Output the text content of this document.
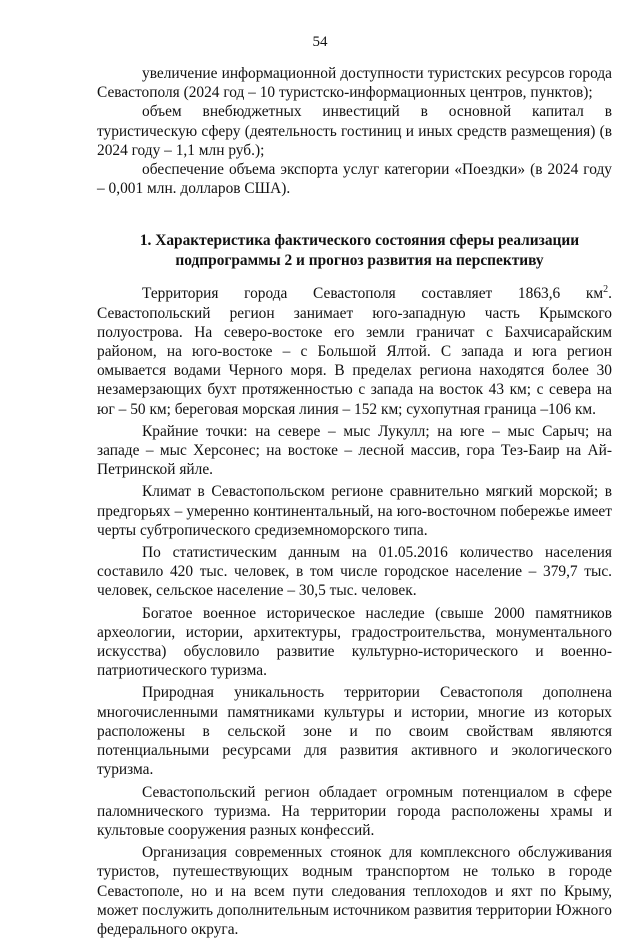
54

увеличение информационной доступности туристских ресурсов города Севастополя (2024 год – 10 туристско-информационных центров, пунктов);

объем внебюджетных инвестиций в основной капитал в туристическую сферу (деятельность гостиниц и иных средств размещения) (в 2024 году – 1,1 млн руб.);

обеспечение объема экспорта услуг категории «Поездки» (в 2024 году – 0,001 млн. долларов США).

1. Характеристика фактического состояния сферы реализации
подпрограммы 2 и прогноз развития на перспективу

Территория города Севастополя составляет 1863,6 $км^2$. Севастопольский регион занимает юго-западную часть Крымского полуострова. На северо-востоке его земли граничат с Бахчисарайским районом, на юго-востоке – с Большой Ялтой. С запада и юга регион омывается водами Черного моря. В пределах региона находятся более 30 незамерзающих бухт протяженностью с запада на восток 43 км; с севера на юг – 50 км; береговая морская линия – 152 км; сухопутная граница –106 км.

Крайние точки: на севере – мыс Лукулл; на юге – мыс Сарыч; на западе – мыс Херсонес; на востоке – лесной массив, гора Тез-Баир на Ай-Петринской яйле.

Климат в Севастопольском регионе сравнительно мягкий морской; в предгорьях – умеренно континентальный, на юго-восточном побережье имеет черты субтропического средиземноморского типа.

По статистическим данным на 01.05.2016 количество населения составило 420 тыс. человек, в том числе городское население – 379,7 тыс. человек, сельское население – 30,5 тыс. человек.

Богатое военное историческое наследие (свыше 2000 памятников археологии, истории, архитектуры, градостроительства, монументального искусства) обусловило развитие культурно-исторического и военно-патриотического туризма.

Природная уникальность территории Севастополя дополнена многочисленными памятниками культуры и истории, многие из которых расположены в сельской зоне и по своим свойствам являются потенциальными ресурсами для развития активного и экологического туризма.

Севастопольский регион обладает огромным потенциалом в сфере паломнического туризма. На территории города расположены храмы и культовые сооружения разных конфессий.

Организация современных стоянок для комплексного обслуживания туристов, путешествующих водным транспортом не только в городе Севастополе, но и на всем пути следования теплоходов и яхт по Крыму, может послужить дополнительным источником развития территории Южного федерального округа.
